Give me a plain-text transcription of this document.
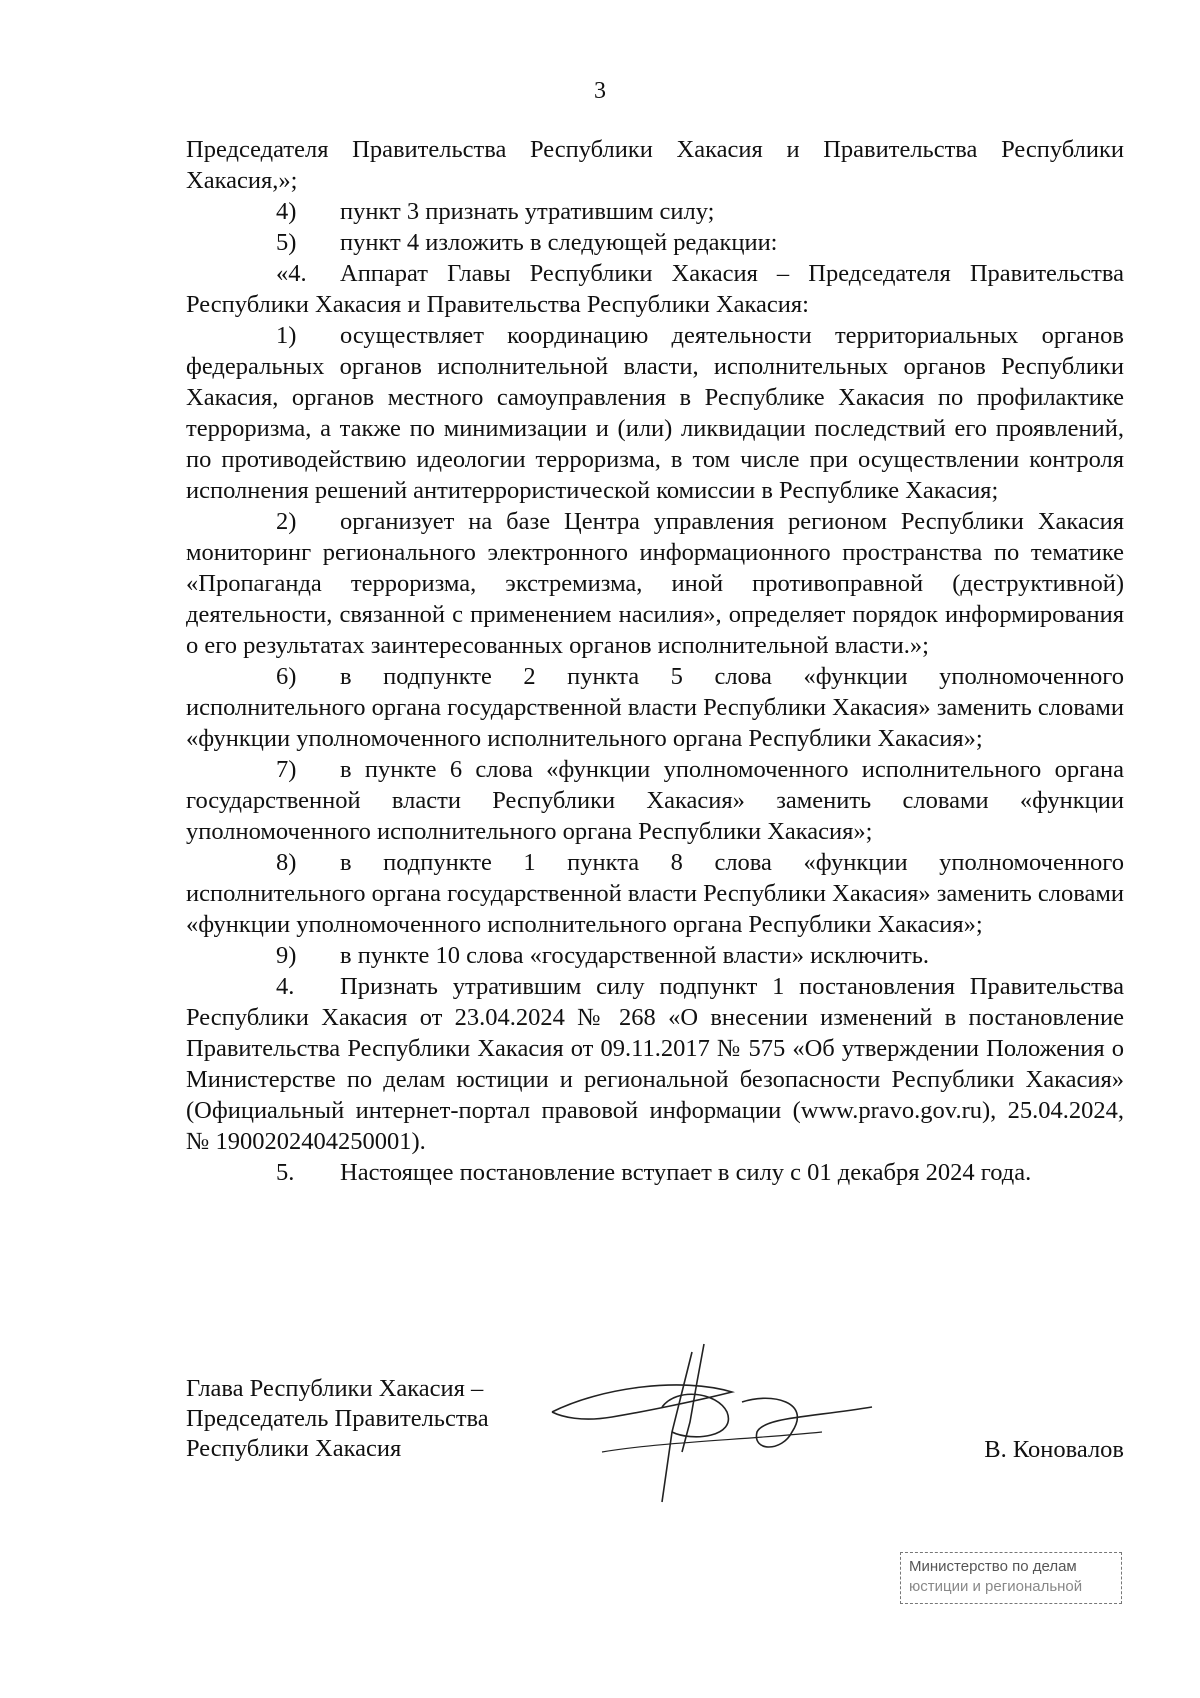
3

Председателя Правительства Республики Хакасия и Правительства Республики Хакасия,»;

4) пункт 3 признать утратившим силу;

5) пункт 4 изложить в следующей редакции:

«4. Аппарат Главы Республики Хакасия – Председателя Правительства Республики Хакасия и Правительства Республики Хакасия:

1) осуществляет координацию деятельности территориальных органов федеральных органов исполнительной власти, исполнительных органов Республики Хакасия, органов местного самоуправления в Республике Хакасия по профилактике терроризма, а также по минимизации и (или) ликвидации последствий его проявлений, по противодействию идеологии терроризма, в том числе при осуществлении контроля исполнения решений антитеррористической комиссии в Республике Хакасия;

2) организует на базе Центра управления регионом Республики Хакасия мониторинг регионального электронного информационного пространства по тематике «Пропаганда терроризма, экстремизма, иной противоправной (деструктивной) деятельности, связанной с применением насилия», определяет порядок информирования о его результатах заинтересованных органов исполнительной власти.»;

6) в подпункте 2 пункта 5 слова «функции уполномоченного исполнительного органа государственной власти Республики Хакасия» заменить словами «функции уполномоченного исполнительного органа Республики Хакасия»;

7) в пункте 6 слова «функции уполномоченного исполнительного органа государственной власти Республики Хакасия» заменить словами «функции уполномоченного исполнительного органа Республики Хакасия»;

8) в подпункте 1 пункта 8 слова «функции уполномоченного исполнительного органа государственной власти Республики Хакасия» заменить словами «функции уполномоченного исполнительного органа Республики Хакасия»;

9) в пункте 10 слова «государственной власти» исключить.

4. Признать утратившим силу подпункт 1 постановления Правительства Республики Хакасия от 23.04.2024 № 268 «О внесении изменений в постановление Правительства Республики Хакасия от 09.11.2017 № 575 «Об утверждении Положения о Министерстве по делам юстиции и региональной безопасности Республики Хакасия» (Официальный интернет-портал правовой информации (www.pravo.gov.ru), 25.04.2024, № 1900202404250001).

5. Настоящее постановление вступает в силу с 01 декабря 2024 года.

Глава Республики Хакасия –
Председатель Правительства
Республики Хакасия	В. Коновалов
Министерство по делам
юстиции и региональной
